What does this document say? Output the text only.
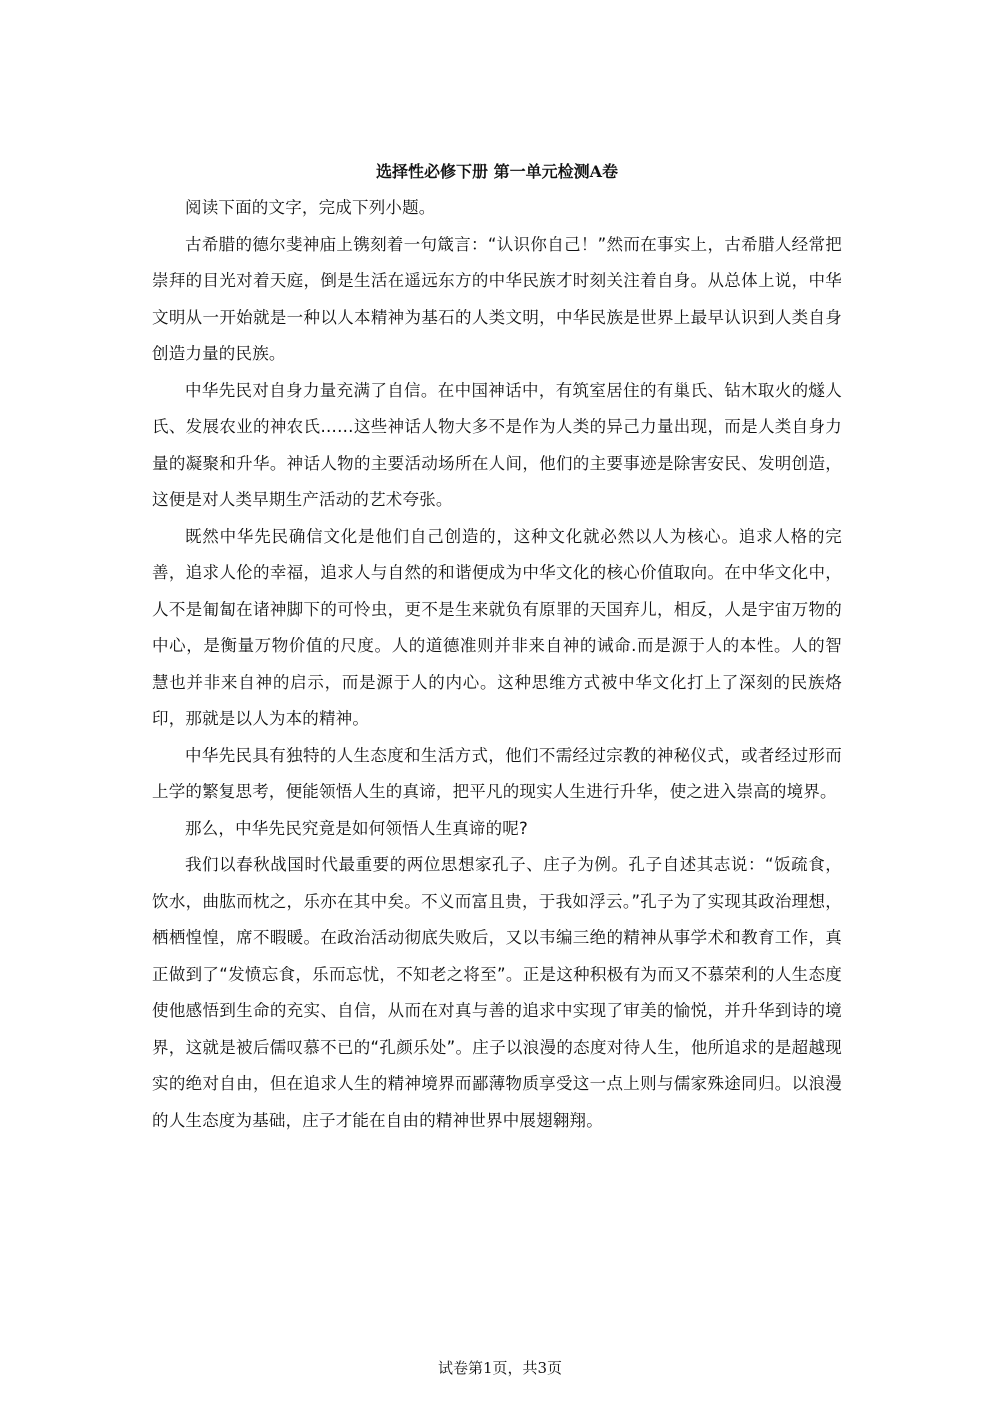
选择性必修下册 第一单元检测A卷

阅读下面的文字，完成下列小题。

古希腊的德尔斐神庙上镌刻着一句箴言：“认识你自己！”然而在事实上，古希腊人经常把崇拜的目光对着天庭，倒是生活在遥远东方的中华民族才时刻关注着自身。从总体上说，中华文明从一开始就是一种以人本精神为基石的人类文明，中华民族是世界上最早认识到人类自身创造力量的民族。

中华先民对自身力量充满了自信。在中国神话中，有筑室居住的有巢氏、钻木取火的燧人氏、发展农业的神农氏……这些神话人物大多不是作为人类的异己力量出现，而是人类自身力量的凝聚和升华。神话人物的主要活动场所在人间，他们的主要事迹是除害安民、发明创造，这便是对人类早期生产活动的艺术夸张。

既然中华先民确信文化是他们自己创造的，这种文化就必然以人为核心。追求人格的完善，追求人伦的幸福，追求人与自然的和谐便成为中华文化的核心价值取向。在中华文化中，人不是匍匐在诸神脚下的可怜虫，更不是生来就负有原罪的天国弃儿，相反，人是宇宙万物的中心，是衡量万物价值的尺度。人的道德准则并非来自神的诫命.而是源于人的本性。人的智慧也并非来自神的启示，而是源于人的内心。这种思维方式被中华文化打上了深刻的民族烙印，那就是以人为本的精神。

中华先民具有独特的人生态度和生活方式，他们不需经过宗教的神秘仪式，或者经过形而上学的繁复思考，便能领悟人生的真谛，把平凡的现实人生进行升华，使之进入崇高的境界。

那么，中华先民究竟是如何领悟人生真谛的呢?

我们以春秋战国时代最重要的两位思想家孔子、庄子为例。孔子自述其志说：“饭疏食，饮水，曲肱而枕之，乐亦在其中矣。不义而富且贵，于我如浮云。”孔子为了实现其政治理想，栖栖惶惶，席不暇暖。在政治活动彻底失败后，又以韦编三绝的精神从事学术和教育工作，真正做到了“发愤忘食，乐而忘忧，不知老之将至”。正是这种积极有为而又不慕荣利的人生态度使他感悟到生命的充实、自信，从而在对真与善的追求中实现了审美的愉悦，并升华到诗的境界，这就是被后儒叹慕不已的“孔颜乐处”。庄子以浪漫的态度对待人生，他所追求的是超越现实的绝对自由，但在追求人生的精神境界而鄙薄物质享受这一点上则与儒家殊途同归。以浪漫的人生态度为基础，庄子才能在自由的精神世界中展翅翱翔。

试卷第1页，共3页
